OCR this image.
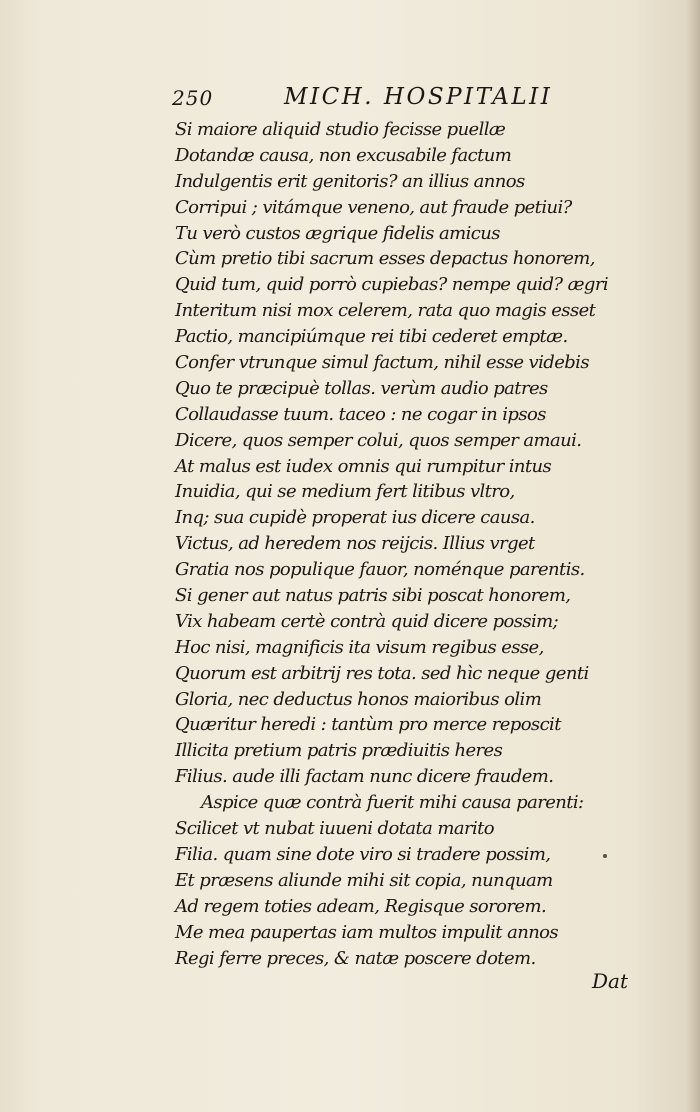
250	MICH. HOSPITALII
Si maiore aliquid studio fecisse puellæ
Dotandæ causa, non excusabile factum
Indulgentis erit genitoris? an illius annos
Corripui ; vitámque veneno, aut fraude petiui?
Tu verò custos ægrique fidelis amicus
Cùm pretio tibi sacrum esses depactus honorem,
Quid tum, quid porrò cupiebas? nempe quid? ægri
Interitum nisi mox celerem, rata quo magis esset
Pactio, mancipiúmque rei tibi cederet emptæ.
Confer vtrunque simul factum, nihil esse videbis
Quo te præcipuè tollas. verùm audio patres
Collaudasse tuum. taceo : ne cogar in ipsos
Dicere, quos semper colui, quos semper amaui.
At malus est iudex omnis qui rumpitur intus
Inuidia, qui se medium fert litibus vltro,
Inq; sua cupidè properat ius dicere causa.
Victus, ad heredem nos reijcis. Illius vrget
Gratia nos populique fauor, noménque parentis.
Si gener aut natus patris sibi poscat honorem,
Vix habeam certè contrà quid dicere possim;
Hoc nisi, magnificis ita visum regibus esse,
Quorum est arbitrij res tota. sed hìc neque genti
Gloria, nec deductus honos maioribus olim
Quæritur heredi : tantùm pro merce reposcit
Illicita pretium patris prædiuitis heres
Filius. aude illi factam nunc dicere fraudem.
Aspice quæ contrà fuerit mihi causa parenti:
Scilicet vt nubat iuueni dotata marito
Filia. quam sine dote viro si tradere possim,
Et præsens aliunde mihi sit copia, nunquam
Ad regem toties adeam, Regisque sororem.
Me mea paupertas iam multos impulit annos
Regi ferre preces, & natæ poscere dotem.
Dat
